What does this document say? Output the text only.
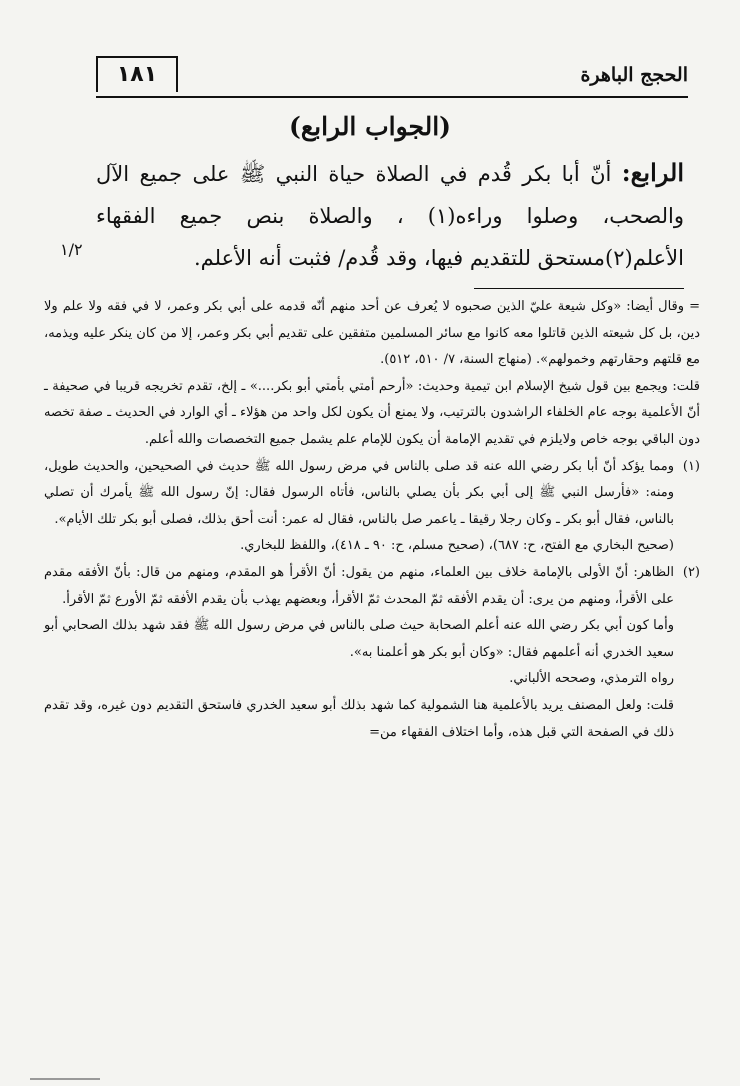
الحجج الباهرة
١٨١
(الجواب الرابع)

الرابع: أنّ أبا بكر قُدم في الصلاة حياة النبي ﷺ على جميع الآل والصحب، وصلوا وراءه(١) ، والصلاة بنص جميع الفقهاء الأعلم(٢)مستحق للتقديم فيها، وقد قُدم/ فثبت أنه الأعلم.

١/٢

= وقال أيضا: «وكل شيعة عليّ الذين صحبوه لا يُعرف عن أحد منهم أنّه قدمه على أبي بكر وعمر، لا في فقه ولا علم ولا دين، بل كل شيعته الذين قاتلوا معه كانوا مع سائر المسلمين متفقين على تقديم أبي بكر وعمر، إلا من كان ينكر عليه ويذمه، مع قلتهم وحقارتهم وخمولهم». (منهاج السنة، ٧/ ٥١٠، ٥١٢).

قلت: ويجمع بين قول شيخ الإسلام ابن تيمية وحديث: «أرحم أمتي بأمتي أبو بكر....» ـ إلخ، تقدم تخريجه قريبا في صحيفة ـ أنّ الأعلمية بوجه عام الخلفاء الراشدون بالترتيب، ولا يمنع أن يكون لكل واحد من هؤلاء ـ أي الوارد في الحديث ـ صفة تخصه دون الباقي بوجه خاص ولايلزم في تقديم الإمامة أن يكون للإمام علم يشمل جميع التخصصات والله أعلم.

(١)

ومما يؤكد أنّ أبا بكر رضي الله عنه قد صلى بالناس في مرض رسول الله ﷺ حديث في الصحيحين، والحديث طويل، ومنه: «فأرسل النبي ﷺ إلى أبي بكر بأن يصلي بالناس، فأتاه الرسول فقال: إنّ رسول الله ﷺ يأمرك أن تصلي بالناس، فقال أبو بكر ـ وكان رجلا رقيقا ـ ياعمر صل بالناس، فقال له عمر: أنت أحق بذلك، فصلى أبو بكر تلك الأيام».

(صحيح البخاري مع الفتح، ح: ٦٨٧)، (صحيح مسلم، ح: ٩٠ ـ ٤١٨)، واللفظ للبخاري.

(٢)

الظاهر: أنّ الأولى بالإمامة خلاف بين العلماء، منهم من يقول: أنّ الأقرأ هو المقدم، ومنهم من قال: بأنّ الأفقه مقدم على الأقرأ، ومنهم من يرى: أن يقدم الأفقه ثمّ المحدث ثمّ الأقرأ، وبعضهم يهذب بأن يقدم الأفقه ثمّ الأورع ثمّ الأقرأ.

وأما كون أبي بكر رضي الله عنه أعلم الصحابة حيث صلى بالناس في مرض رسول الله ﷺ فقد شهد بذلك الصحابي أبو سعيد الخدري أنه أعلمهم فقال: «وكان أبو بكر هو أعلمنا به».

رواه الترمذي، وصححه الألباني.

قلت: ولعل المصنف يريد بالأعلمية هنا الشمولية كما شهد بذلك أبو سعيد الخدري فاستحق التقديم دون غيره، وقد تقدم ذلك في الصفحة التي قبل هذه، وأما اختلاف الفقهاء من=
